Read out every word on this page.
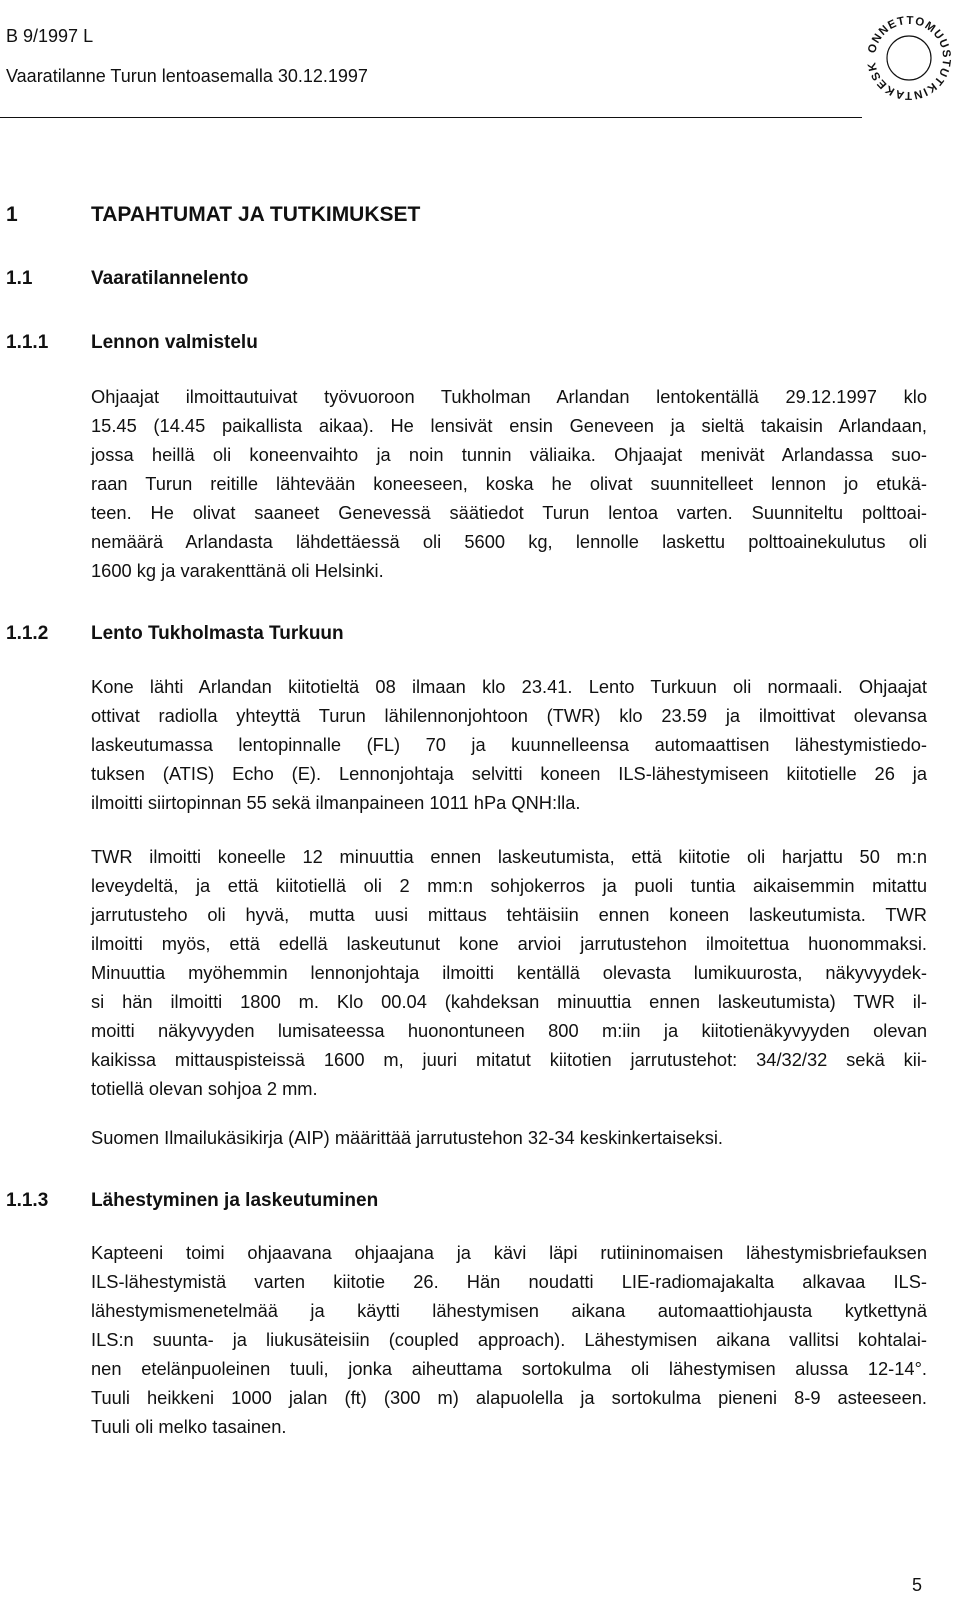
B 9/1997 L
Vaaratilanne Turun lentoasemalla 30.12.1997
ONNETTOMUUSTUTKINTAKESK
1	TAPAHTUMAT JA TUTKIMUKSET
1.1	Vaaratilannelento
1.1.1 Lennon valmistelu

Ohjaajat ilmoittautuivat työvuoroon Tukholman Arlandan lentokentällä 29.12.1997 klo
15.45 (14.45 paikallista aikaa). He lensivät ensin Geneveen ja sieltä takaisin Arlandaan,
jossa heillä oli koneenvaihto ja noin tunnin väliaika. Ohjaajat menivät Arlandassa suo-
raan Turun reitille lähtevään koneeseen, koska he olivat suunnitelleet lennon jo etukä-
teen. He olivat saaneet Genevessä säätiedot Turun lentoa varten. Suunniteltu polttoai-
nemäärä Arlandasta lähdettäessä oli 5600 kg, lennolle laskettu polttoainekulutus oli
1600 kg ja varakenttänä oli Helsinki.

1.1.2 Lento Tukholmasta Turkuun

Kone lähti Arlandan kiitotieltä 08 ilmaan klo 23.41. Lento Turkuun oli normaali. Ohjaajat
ottivat radiolla yhteyttä Turun lähilennonjohtoon (TWR) klo 23.59 ja ilmoittivat olevansa
laskeutumassa lentopinnalle (FL) 70 ja kuunnelleensa automaattisen lähestymistiedo-
tuksen (ATIS) Echo (E). Lennonjohtaja selvitti koneen ILS-lähestymiseen kiitotielle 26 ja
ilmoitti siirtopinnan 55 sekä ilmanpaineen 1011 hPa QNH:lla.

TWR ilmoitti koneelle 12 minuuttia ennen laskeutumista, että kiitotie oli harjattu 50 m:n
leveydeltä, ja että kiitotiellä oli 2 mm:n sohjokerros ja puoli tuntia aikaisemmin mitattu
jarrutusteho oli hyvä, mutta uusi mittaus tehtäisiin ennen koneen laskeutumista. TWR
ilmoitti myös, että edellä laskeutunut kone arvioi jarrutustehon ilmoitettua huonommaksi.
Minuuttia myöhemmin lennonjohtaja ilmoitti kentällä olevasta lumikuurosta, näkyvyydek-
si hän ilmoitti 1800 m. Klo 00.04 (kahdeksan minuuttia ennen laskeutumista) TWR il-
moitti näkyvyyden lumisateessa huonontuneen 800 m:iin ja kiitotienäkyvyyden olevan
kaikissa mittauspisteissä 1600 m, juuri mitatut kiitotien jarrutustehot: 34/32/32 sekä kii-
totiellä olevan sohjoa 2 mm.

Suomen Ilmailukäsikirja (AIP) määrittää jarrutustehon 32-34 keskinkertaiseksi.

1.1.3 Lähestyminen ja laskeutuminen

Kapteeni toimi ohjaavana ohjaajana ja kävi läpi rutiininomaisen lähestymisbriefauksen
ILS-lähestymistä varten kiitotie 26. Hän noudatti LIE-radiomajakalta alkavaa ILS-
lähestymismenetelmää ja käytti lähestymisen aikana automaattiohjausta kytkettynä
ILS:n suunta- ja liukusäteisiin (coupled approach). Lähestymisen aikana vallitsi kohtalai-
nen etelänpuoleinen tuuli, jonka aiheuttama sortokulma oli lähestymisen alussa 12-14°.
Tuuli heikkeni 1000 jalan (ft) (300 m) alapuolella ja sortokulma pieneni 8-9 asteeseen.
Tuuli oli melko tasainen.

5
